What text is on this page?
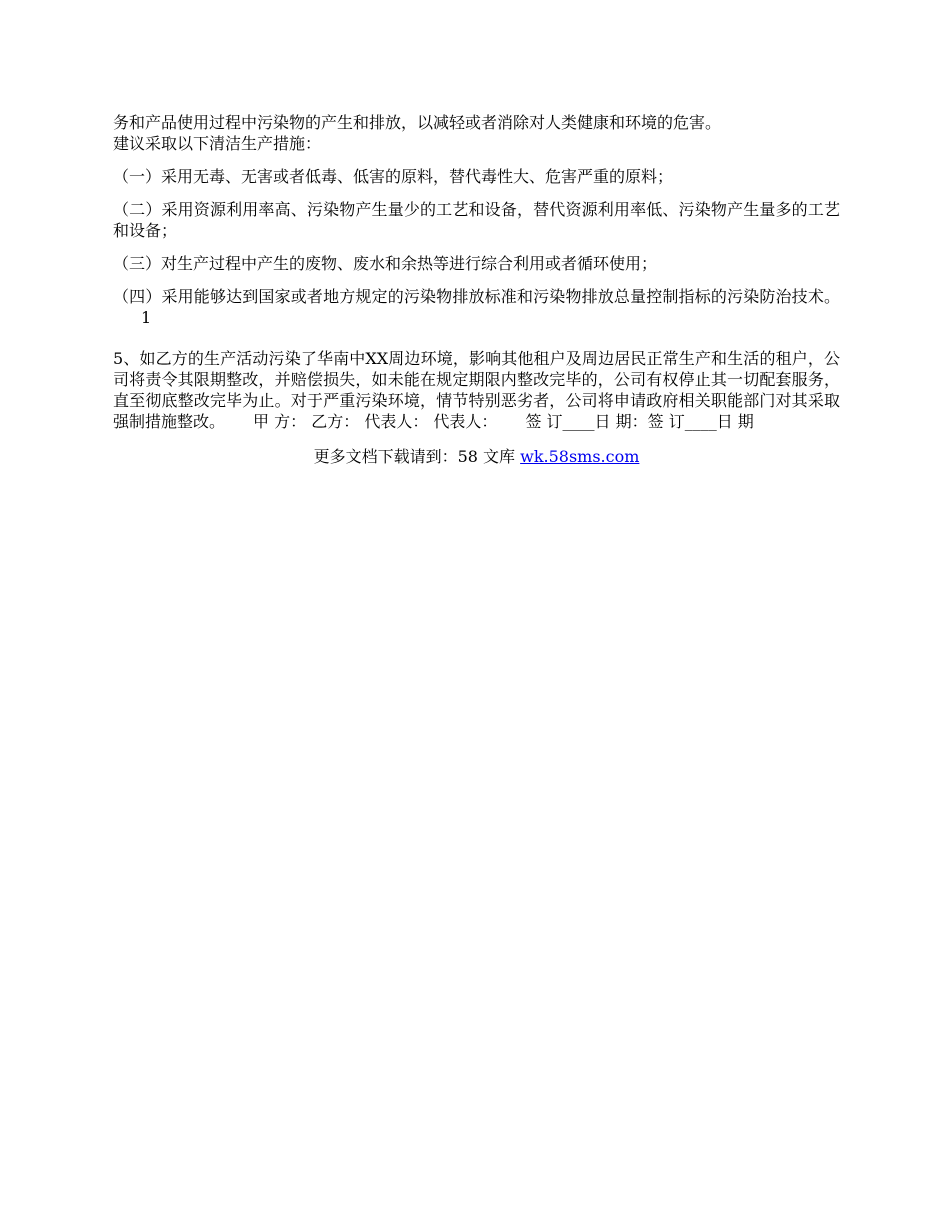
务和产品使用过程中污染物的产生和排放，以减轻或者消除对人类健康和环境的危害。
建议采取以下清洁生产措施：

（一）采用无毒、无害或者低毒、低害的原料，替代毒性大、危害严重的原料；

（二）采用资源利用率高、污染物产生量少的工艺和设备，替代资源利用率低、污染物产生量多的工艺和设备；

（三）对生产过程中产生的废物、废水和余热等进行综合利用或者循环使用；

（四）采用能够达到国家或者地方规定的污染物排放标准和污染物排放总量控制指标的污染防治技术。1

5、如乙方的生产活动污染了华南中XX周边环境，影响其他租户及周边居民正常生产和生活的租户，公司将责令其限期整改，并赔偿损失，如未能在规定期限内整改完毕的，公司有权停止其一切配套服务，直至彻底整改完毕为止。对于严重污染环境，情节特别恶劣者，公司将申请政府相关职能部门对其采取强制措施整改。 甲 方： 乙方： 代表人： 代表人： 签 订____日 期：签 订____日 期

更多文档下载请到：58 文库 wk.58sms.com
